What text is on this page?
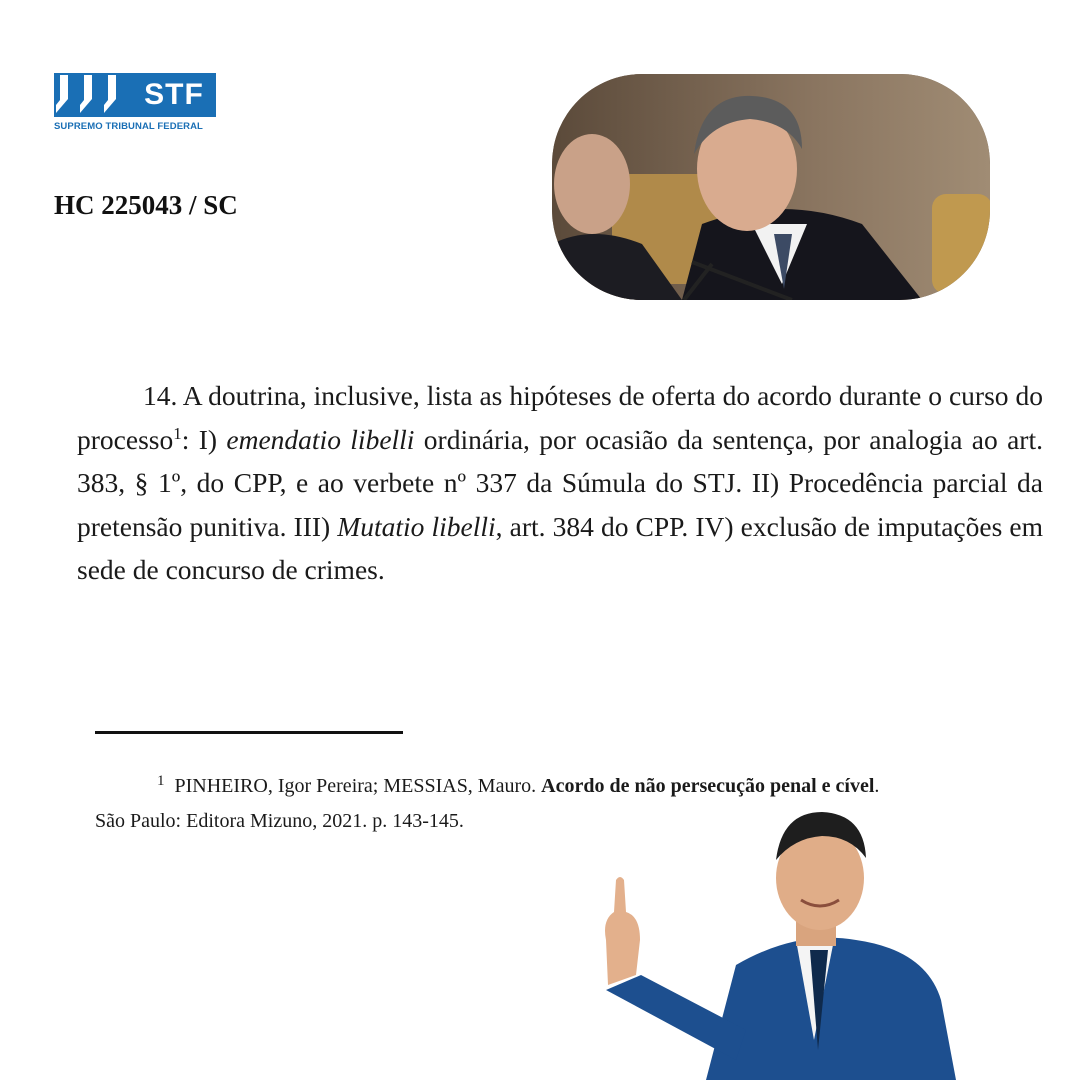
STF
SUPREMO TRIBUNAL FEDERAL
HC 225043 / SC
14. A doutrina, inclusive, lista as hipóteses de oferta do acordo durante o curso do processo$^1$: I) emendatio libelli ordinária, por ocasião da sentença, por analogia ao art. 383, § 1º, do CPP, e ao verbete nº 337 da Súmula do STJ. II) Procedência parcial da pretensão punitiva. III) Mutatio libelli, art. 384 do CPP. IV) exclusão de imputações em sede de concurso de crimes.
$^1$ PINHEIRO, Igor Pereira; MESSIAS, Mauro. Acordo de não persecução penal e cível.
São Paulo: Editora Mizuno, 2021. p. 143-145.
